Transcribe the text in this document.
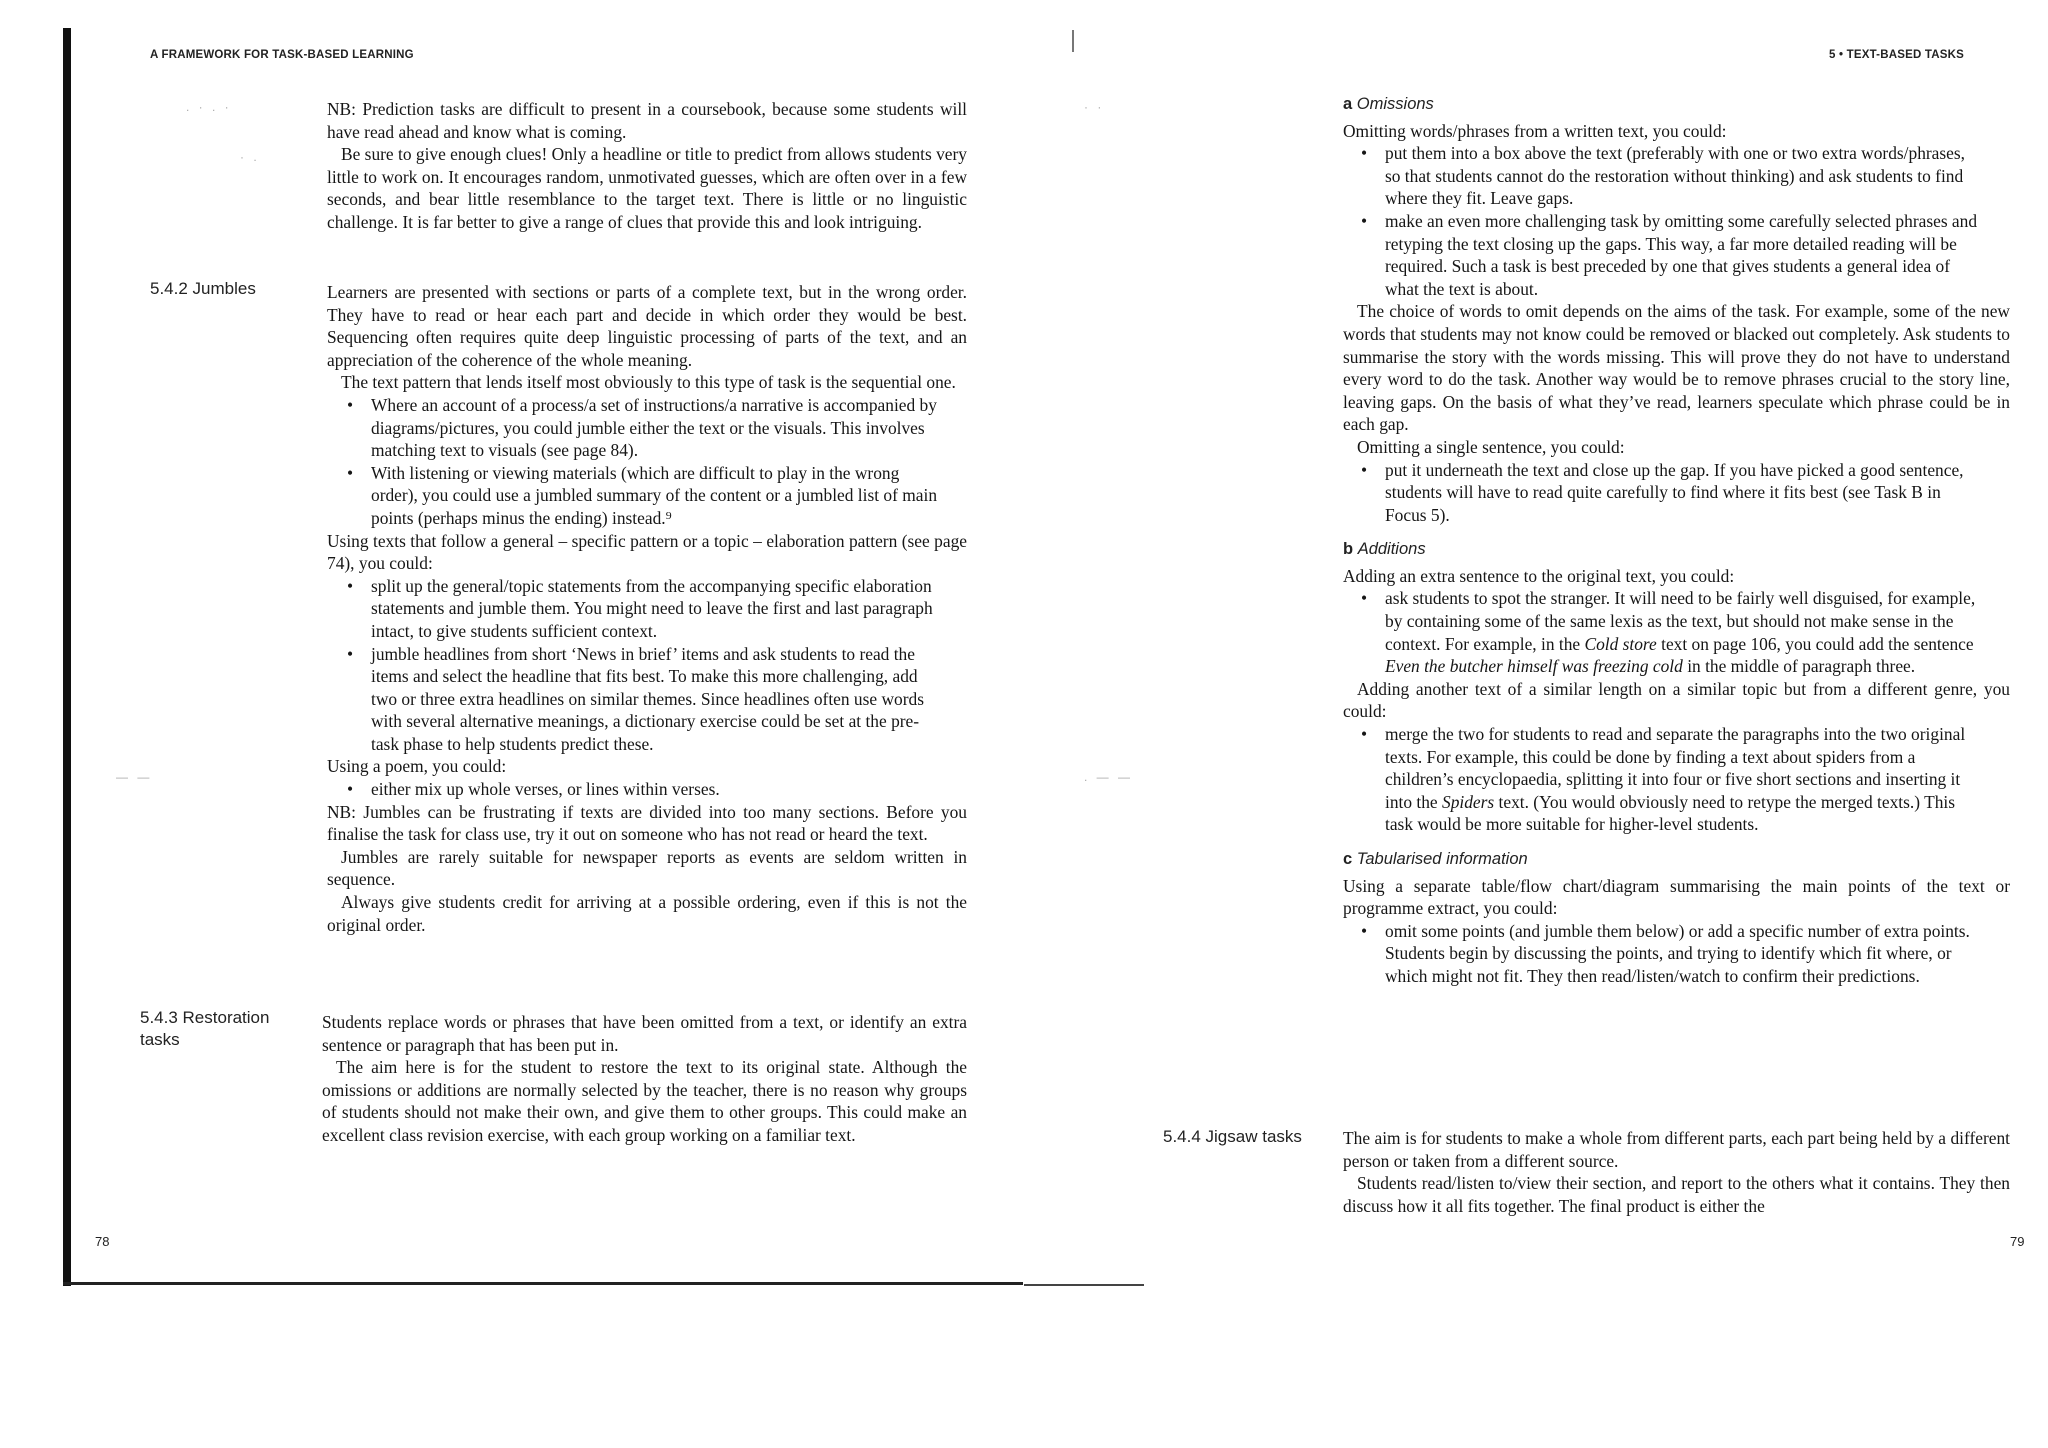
. · . ·
· .
— —
A FRAMEWORK FOR TASK-BASED LEARNING

NB: Prediction tasks are difficult to present in a coursebook, because some students will have read ahead and know what is coming.

Be sure to give enough clues! Only a headline or title to predict from allows students very little to work on. It encourages random, unmotivated guesses, which are often over in a few seconds, and bear little resemblance to the target text. There is little or no linguistic challenge. It is far better to give a range of clues that provide this and look intriguing.

5.4.2 Jumbles	Learners are presented with sections or parts of a complete text, but in the wrong order. They have to read or hear each part and decide in which order they would be best. Sequencing often requires quite deep linguistic processing of parts of the text, and an appreciation of the coherence of the whole meaning.

The text pattern that lends itself most obviously to this type of task is the sequential one.

• Where an account of a process/a set of instructions/a narrative is accompanied by diagrams/pictures, you could jumble either the text or the visuals. This involves matching text to visuals (see page 84).
• With listening or viewing materials (which are difficult to play in the wrong order), you could use a jumbled summary of the content or a jumbled list of main points (perhaps minus the ending) instead.⁹

Using texts that follow a general – specific pattern or a topic – elaboration pattern (see page 74), you could:

• split up the general/topic statements from the accompanying specific elaboration statements and jumble them. You might need to leave the first and last paragraph intact, to give students sufficient context.
• jumble headlines from short ‘News in brief’ items and ask students to read the items and select the headline that fits best. To make this more challenging, add two or three extra headlines on similar themes. Since headlines often use words with several alternative meanings, a dictionary exercise could be set at the pre-task phase to help students predict these.

Using a poem, you could:

• either mix up whole verses, or lines within verses.

NB: Jumbles can be frustrating if texts are divided into too many sections. Before you finalise the task for class use, try it out on someone who has not read or heard the text.

Jumbles are rarely suitable for newspaper reports as events are seldom written in sequence.

Always give students credit for arriving at a possible ordering, even if this is not the original order.

5.4.3 Restoration
tasks

Students replace words or phrases that have been omitted from a text, or identify an extra sentence or paragraph that has been put in.

The aim here is for the student to restore the text to its original state. Although the omissions or additions are normally selected by the teacher, there is no reason why groups of students should not make their own, and give them to other groups. This could make an excellent class revision exercise, with each group working on a familiar text.

78
· ·
. — —
5 • TEXT-BASED TASKS
a Omissions

Omitting words/phrases from a written text, you could:

• put them into a box above the text (preferably with one or two extra words/phrases, so that students cannot do the restoration without thinking) and ask students to find where they fit. Leave gaps.
• make an even more challenging task by omitting some carefully selected phrases and retyping the text closing up the gaps. This way, a far more detailed reading will be required. Such a task is best preceded by one that gives students a general idea of what the text is about.

The choice of words to omit depends on the aims of the task. For example, some of the new words that students may not know could be removed or blacked out completely. Ask students to summarise the story with the words missing. This will prove they do not have to understand every word to do the task. Another way would be to remove phrases crucial to the story line, leaving gaps. On the basis of what they’ve read, learners speculate which phrase could be in each gap.

Omitting a single sentence, you could:

• put it underneath the text and close up the gap. If you have picked a good sentence, students will have to read quite carefully to find where it fits best (see Task B in Focus 5).
b Additions

Adding an extra sentence to the original text, you could:

• ask students to spot the stranger. It will need to be fairly well disguised, for example, by containing some of the same lexis as the text, but should not make sense in the context. For example, in the Cold store text on page 106, you could add the sentence Even the butcher himself was freezing cold in the middle of paragraph three.

Adding another text of a similar length on a similar topic but from a different genre, you could:

• merge the two for students to read and separate the paragraphs into the two original texts. For example, this could be done by finding a text about spiders from a children’s encyclopaedia, splitting it into four or five short sections and inserting it into the Spiders text. (You would obviously need to retype the merged texts.) This task would be more suitable for higher-level students.
c Tabularised information

Using a separate table/flow chart/diagram summarising the main points of the text or programme extract, you could:

• omit some points (and jumble them below) or add a specific number of extra points. Students begin by discussing the points, and trying to identify which fit where, or which might not fit. They then read/listen/watch to confirm their predictions.
5.4.4 Jigsaw tasks The aim is for students to make a whole from different parts, each part being held by a different person or taken from a different source.

Students read/listen to/view their section, and report to the others what it contains. They then discuss how it all fits together. The final product is either the

79
